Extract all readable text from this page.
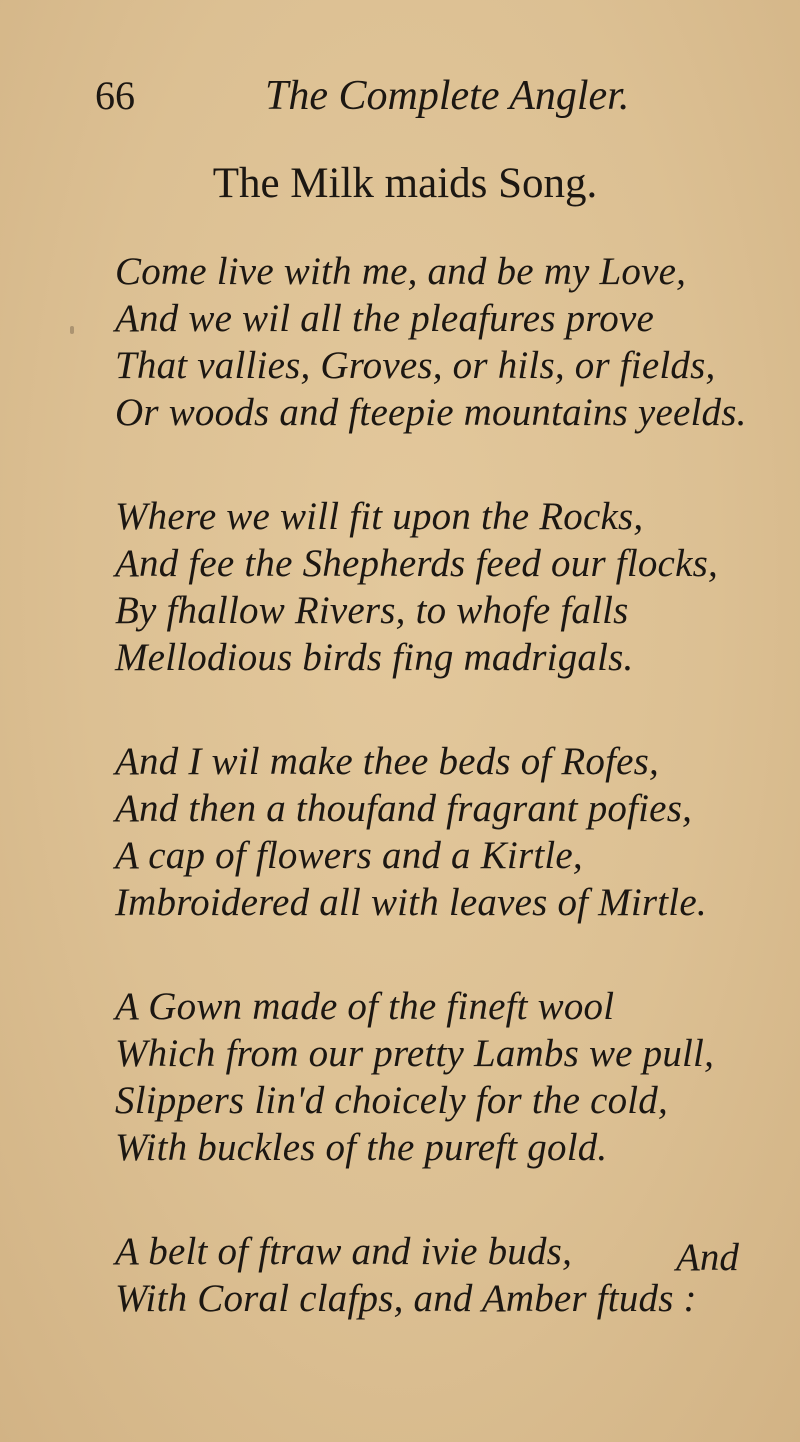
66	The Complete Angler.
The Milk maids Song.
Come live with me, and be my Love,
And we wil all the pleafures prove
That vallies, Groves, or hils, or fields,
Or woods and fteepie mountains yeelds.
Where we will fit upon the Rocks,
And fee the Shepherds feed our flocks,
By fhallow Rivers, to whofe falls
Mellodious birds fing madrigals.
And I wil make thee beds of Rofes,
And then a thoufand fragrant pofies,
A cap of flowers and a Kirtle,
Imbroidered all with leaves of Mirtle.
A Gown made of the fineft wool
Which from our pretty Lambs we pull,
Slippers lin'd choicely for the cold,
With buckles of the pureft gold.
A belt of ftraw and ivie buds,
With Coral clafps, and Amber ftuds :
And
